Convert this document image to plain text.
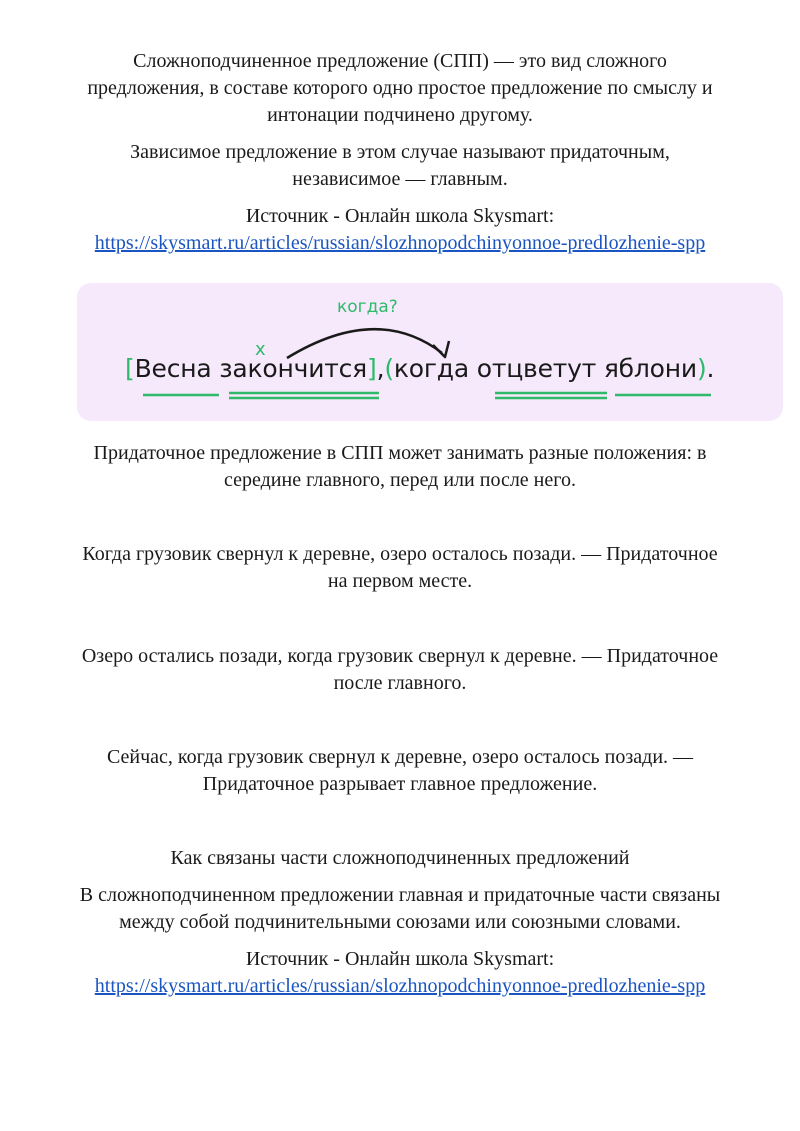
Сложноподчиненное предложение (СПП) — это вид сложного
предложения, в составе которого одно простое предложение по смыслу и
интонации подчинено другому.

Зависимое предложение в этом случае называют придаточным,
независимое — главным.

Источник - Онлайн школа Skysmart:
https://skysmart.ru/articles/russian/slozhnopodchinyonnoe-predlozhenie-spp

когда?
х
[Весна закончится],(когда отцветут яблони).

Придаточное предложение в СПП может занимать разные положения: в
середине главного, перед или после него.

Когда грузовик свернул к деревне, озеро осталось позади. — Придаточное
на первом месте.

Озеро остались позади, когда грузовик свернул к деревне. — Придаточное
после главного.

Сейчас, когда грузовик свернул к деревне, озеро осталось позади. —
Придаточное разрывает главное предложение.

Как связаны части сложноподчиненных предложений

В сложноподчиненном предложении главная и придаточные части связаны
между собой подчинительными союзами или союзными словами.

Источник - Онлайн школа Skysmart:
https://skysmart.ru/articles/russian/slozhnopodchinyonnoe-predlozhenie-spp
